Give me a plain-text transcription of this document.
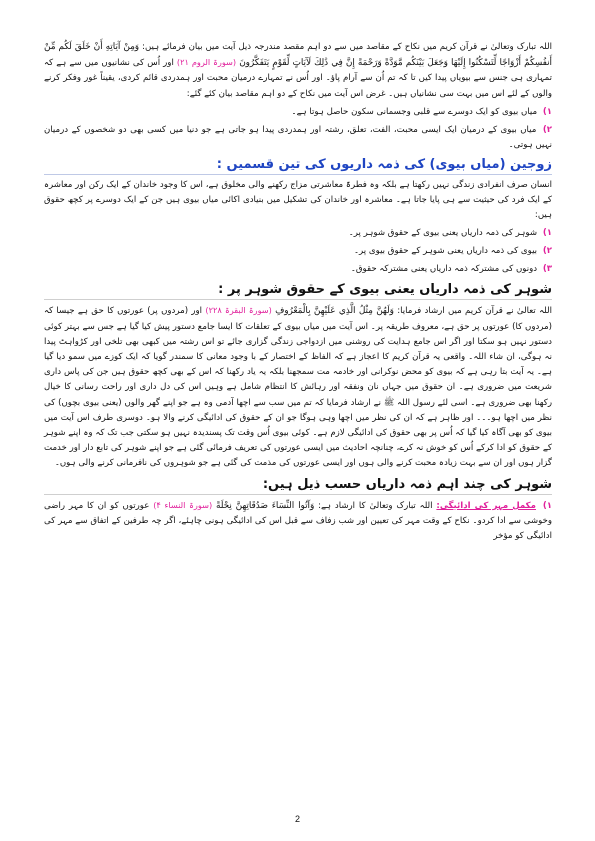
اللہ تبارک وتعالیٰ نے قرآن کریم میں نکاح کے مقاصد میں سے دو اہم مقصد مندرجہ ذیل آیت میں بیان فرمائے ہیں: وَمِنْ آيَاتِهِ أَنْ خَلَقَ لَكُم مِّنْ أَنفُسِكُمْ أَزْوَاجًا لِّتَسْكُنُوا إِلَيْهَا وَجَعَلَ بَيْنَكُم مَّوَدَّةً وَرَحْمَةً إِنَّ فِي ذَٰلِكَ لَآيَاتٍ لِّقَوْمٍ يَتَفَكَّرُونَ (سورۃ الروم ۲۱) اور اُس کی نشانیوں میں سے ہے کہ تمہاری ہی جنس سے بیویاں پیدا کیں تا کہ تم اُن سے آرام پاؤ۔ اور اُس نے تمہارے درمیان محبت اور ہمدردی قائم کردی، یقیناً غور وفکر کرنے والوں کے لئے اس میں بہت سی نشانیاں ہیں۔ غرض اس آیت میں نکاح کے دو اہم مقاصد بیان کئے گئے:

۱) میاں بیوی کو ایک دوسرے سے قلبی وجسمانی سکون حاصل ہوتا ہے۔
۲) میاں بیوی کے درمیان ایک ایسی محبت، الفت، تعلق، رشتہ اور ہمدردی پیدا ہو جاتی ہے جو دنیا میں کسی بھی دو شخصوں کے درمیان نہیں ہوتی۔
زوجین (میاں بیوی) کی ذمہ داریوں کی تین قسمیں :

انسان صرف انفرادی زندگی نہیں رکھتا ہے بلکہ وہ فطرۃً معاشرتی مزاج رکھنے والی مخلوق ہے، اس کا وجود خاندان کے ایک رکن اور معاشرہ کے ایک فرد کی حیثیت سے ہی پایا جاتا ہے۔ معاشرہ اور خاندان کی تشکیل میں بنیادی اکائی میاں بیوی ہیں جن کے ایک دوسرے پر کچھ حقوق ہیں:

۱) شوہر کی ذمہ داریاں یعنی بیوی کے حقوق شوہر پر۔
۲) بیوی کی ذمہ داریاں یعنی شوہر کے حقوق بیوی پر۔
۳) دونوں کی مشترکہ ذمہ داریاں یعنی مشترکہ حقوق۔
شوہر کی ذمہ داریاں یعنی بیوی کے حقوق شوہر پر :

اللہ تعالیٰ نے قرآن کریم میں ارشاد فرمایا: وَلَهُنَّ مِثْلُ الَّذِي عَلَيْهِنَّ بِالْمَعْرُوفِ (سورۃ البقرۃ ۲۲۸) اور (مردوں پر) عورتوں کا حق ہے جیسا کہ (مردوں کا) عورتوں پر حق ہے، معروف طریقہ پر۔ اس آیت میں میاں بیوی کے تعلقات کا ایسا جامع دستور پیش کیا گیا ہے جس سے بہتر کوئی دستور نہیں ہو سکتا اور اگر اس جامع ہدایت کی روشنی میں ازدواجی زندگی گزاری جائے تو اس رشتہ میں کبھی بھی تلخی اور کڑواہٹ پیدا نہ ہوگی، ان شاء اللہ۔ واقعی یہ قرآن کریم کا اعجاز ہے کہ الفاظ کے اختصار کے با وجود معانی کا سمندر گویا کہ ایک کوزے میں سمو دیا گیا ہے۔ یہ آیت بتا رہی ہے کہ بیوی کو محض نوکرانی اور خادمہ مت سمجھنا بلکہ یہ یاد رکھنا کہ اس کے بھی کچھ حقوق ہیں جن کی پاس داری شریعت میں ضروری ہے۔ ان حقوق میں جہاں نان ونفقہ اور رہائش کا انتظام شامل ہے وہیں اس کی دل داری اور راحت رسانی کا خیال رکھنا بھی ضروری ہے۔ اسی لئے رسول اللہ ﷺ نے ارشاد فرمایا کہ تم میں سب سے اچھا آدمی وہ ہے جو اپنے گھر والوں (یعنی بیوی بچوں) کی نظر میں اچھا ہو۔۔۔ اور ظاہر ہے کہ ان کی نظر میں اچھا وہی ہوگا جو ان کے حقوق کی ادائیگی کرنے والا ہو۔ دوسری طرف اس آیت میں بیوی کو بھی آگاہ کیا گیا کہ اُس پر بھی حقوق کی ادائیگی لازم ہے۔ کوئی بیوی اُس وقت تک پسندیدہ نہیں ہو سکتی جب تک کہ وہ اپنے شوہر کے حقوق کو ادا کرکے اُس کو خوش نہ کرے، چنانچہ احادیث میں ایسی عورتوں کی تعریف فرمائی گئی ہے جو اپنے شوہر کی تابع دار اور خدمت گزار ہوں اور ان سے بہت زیادہ محبت کرنے والی ہوں اور ایسی عورتوں کی مذمت کی گئی ہے جو شوہروں کی نافرمانی کرنے والی ہوں۔

شوہر کی چند اہم ذمہ داریاں حسب ذیل ہیں:

۱) مکمل مہر کی ادائیگی: اللہ تبارک وتعالیٰ کا ارشاد ہے: وَآتُوا النِّسَاءَ صَدُقَاتِهِنَّ نِحْلَةً (سورۃ النساء ۴) عورتوں کو ان کا مہر راضی وخوشی سے ادا کردو۔ نکاح کے وقت مہر کی تعیین اور شب زفاف سے قبل اس کی ادائیگی ہونی چاہئے، اگر چہ طرفین کے اتفاق سے مہر کی ادائیگی کو مؤخر

2
